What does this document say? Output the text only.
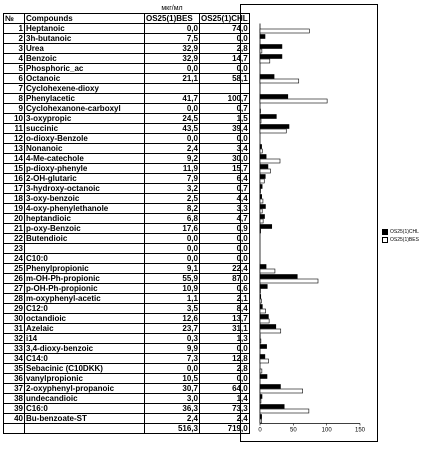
		мкг/мл	
№	Compounds	OS25(1)BES	OS25(1)CHL
1	Heptanoic	0,0	74,0
2	3h-butanoic	7,5	0,0
3	Urea	32,9	2,8
4	Benzoic	32,9	14,7
5	Phosphoric_ac	0,0	0,0
6	Octanoic	21,1	58,1
7	Cyclohexene-dioxy		
8	Phenylacetic	41,7	100,7
9	Cyclohexanone-carboxyl	0,0	0,7
10	3-oxypropic	24,5	1,5
11	succinic	43,5	39,4
12	o-dioxy-Benzole	0,0	0,0
13	Nonanoic	2,4	3,4
14	4-Me-catechole	9,2	30,0
15	p-dioxy-phenyle	11,9	15,7
16	2-OH-glutaric	7,9	6,4
17	3-hydroxy-octanoic	3,2	0,7
18	3-oxy-benzoic	2,5	4,4
19	4-oxy-phenylethanole	8,2	3,3
20	heptandioic	6,8	4,7
21	p-oxy-Benzoic	17,6	0,9
22	Butendioic	0,0	0,0
23		0,0	0,0
24	C10:0	0,0	0,0
25	Phenylpropionic	9,1	22,4
26	m-OH-Ph-propionic	55,9	87,0
27	p-OH-Ph-propionic	10,9	0,6
28	m-oxyphenyl-acetic	1,1	2,1
29	C12:0	3,5	8,4
30	octandioic	12,6	13,7
31	Azelaic	23,7	31,1
32	i14	0,3	1,3
33	3,4-dioxy-benzoic	9,9	0,0
34	C14:0	7,3	12,8
35	Sebacinic (C10DKK)	0,0	2,8
36	vanylpropionic	10,5	0,0
37	2-oxyphenyl-propanoic	30,7	64,0
38	undecandioic	3,0	1,4
39	C16:0	36,3	73,3
40	Bu-benzoate-ST	2,4	2,4
		516,3	719,0 0	50	100	150
OS25(1)CHL
OS25(1)BES
